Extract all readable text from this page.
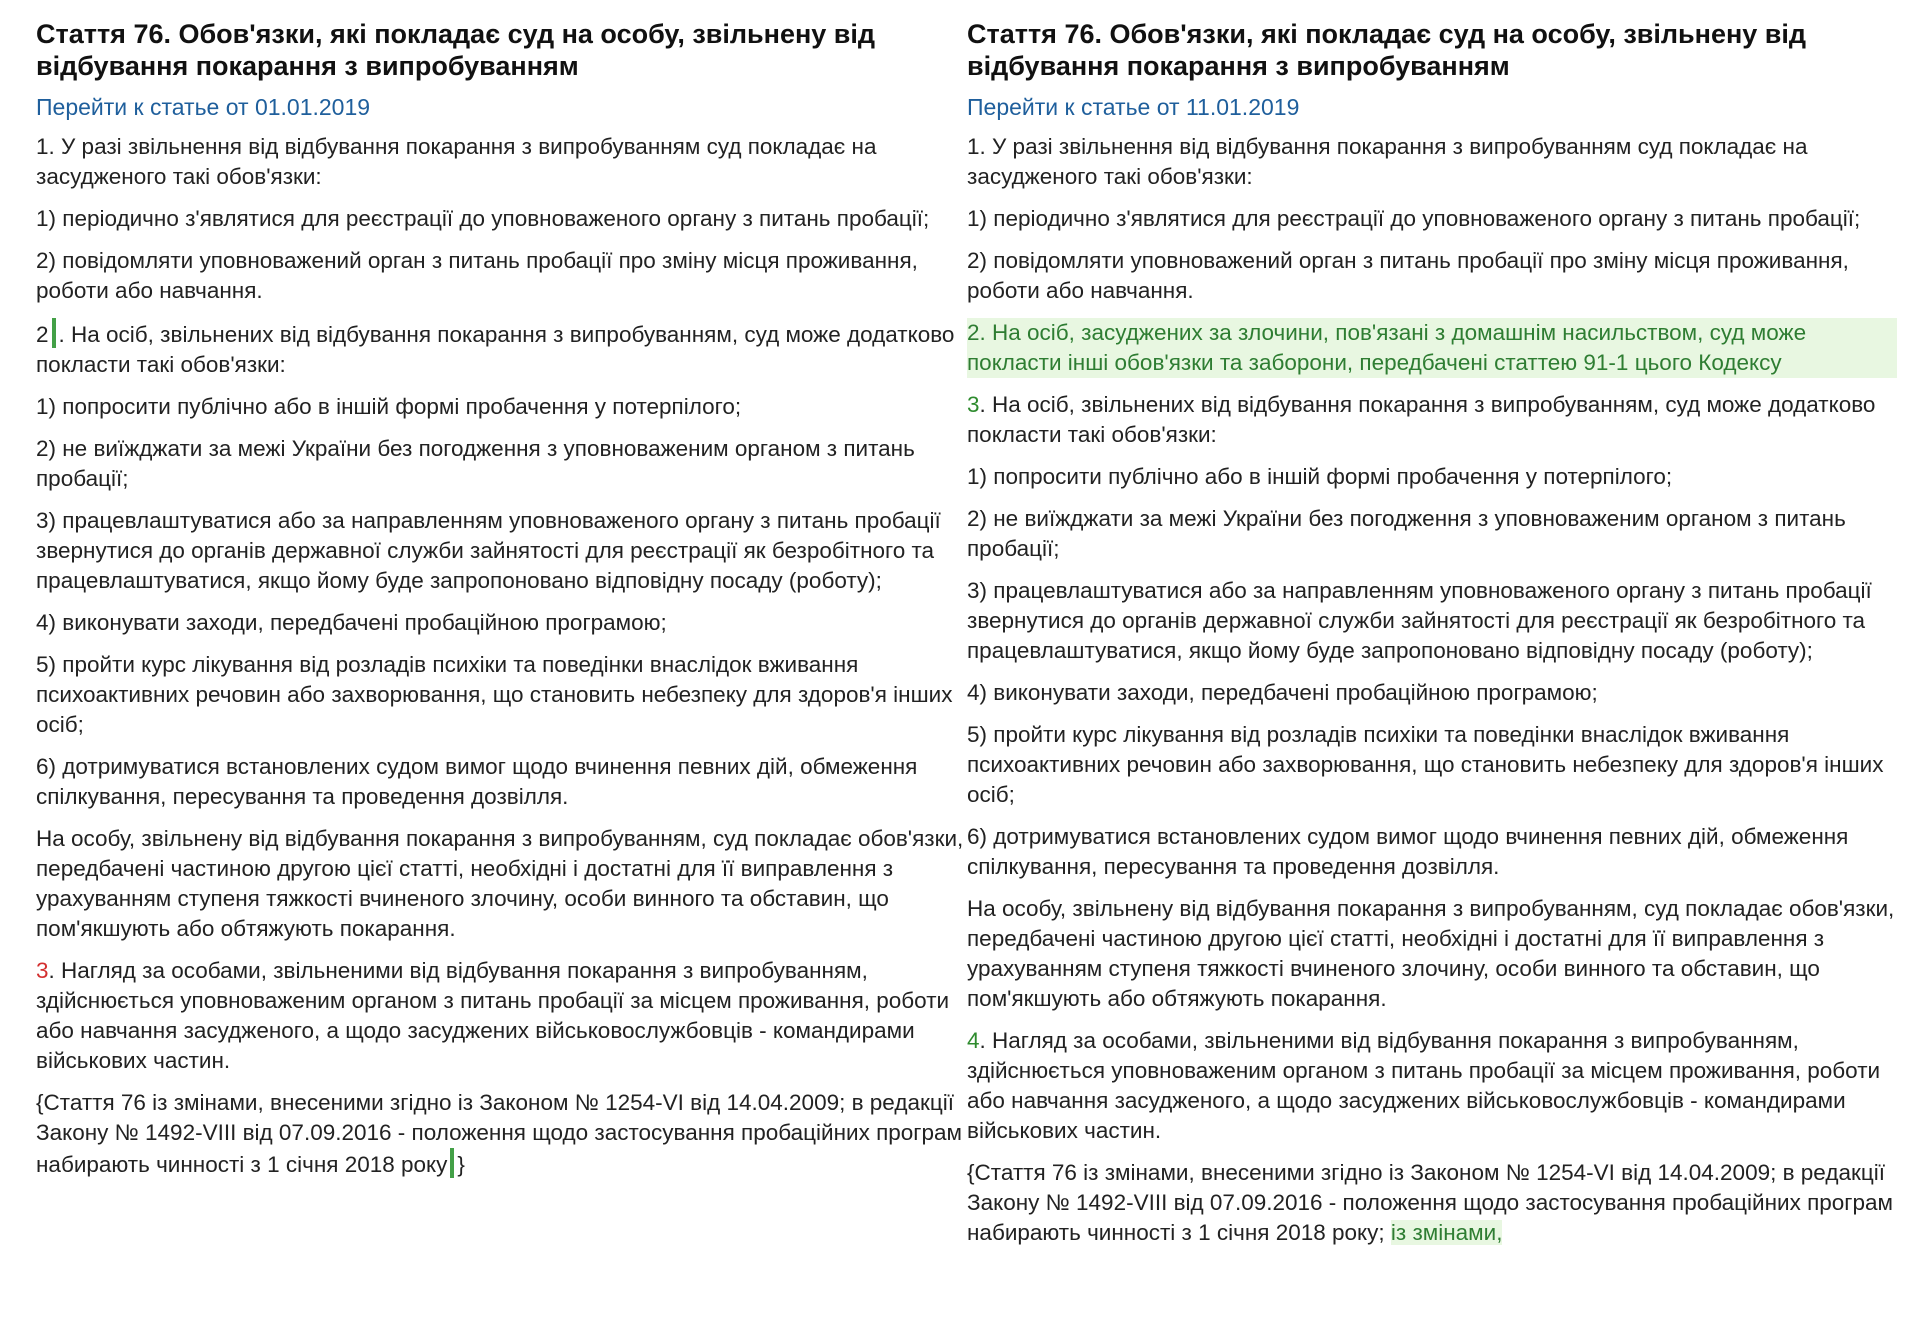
Стаття 76. Обов'язки, які покладає суд на особу, звільнену від відбування покарання з випробуванням
Перейти к статье от 01.01.2019

1. У разі звільнення від відбування покарання з випробуванням суд покладає на засудженого такі обов'язки:

1) періодично з'являтися для реєстрації до уповноваженого органу з питань пробації;

2) повідомляти уповноважений орган з питань пробації про зміну місця проживання, роботи або навчання.

2 . На осіб, звільнених від відбування покарання з випробуванням, суд може додатково покласти такі обов'язки:

1) попросити публічно або в іншій формі пробачення у потерпілого;

2) не виїжджати за межі України без погодження з уповноваженим органом з питань пробації;

3) працевлаштуватися або за направленням уповноваженого органу з питань пробації звернутися до органів державної служби зайнятості для реєстрації як безробітного та працевлаштуватися, якщо йому буде запропоновано відповідну посаду (роботу);

4) виконувати заходи, передбачені пробаційною програмою;

5) пройти курс лікування від розладів психіки та поведінки внаслідок вживання психоактивних речовин або захворювання, що становить небезпеку для здоров'я інших осіб;

6) дотримуватися встановлених судом вимог щодо вчинення певних дій, обмеження спілкування, пересування та проведення дозвілля.

На особу, звільнену від відбування покарання з випробуванням, суд покладає обов'язки, передбачені частиною другою цієї статті, необхідні і достатні для її виправлення з урахуванням ступеня тяжкості вчиненого злочину, особи винного та обставин, що пом'якшують або обтяжують покарання.

3. Нагляд за особами, звільненими від відбування покарання з випробуванням, здійснюється уповноваженим органом з питань пробації за місцем проживання, роботи або навчання засудженого, а щодо засуджених військовослужбовців - командирами військових частин.

{Стаття 76 із змінами, внесеними згідно із Законом № 1254-VI від 14.04.2009; в редакції Закону № 1492-VIII від 07.09.2016 - положення щодо застосування пробаційних програм набирають чинності з 1 січня 2018 року }

Стаття 76. Обов'язки, які покладає суд на особу, звільнену від відбування покарання з випробуванням
Перейти к статье от 11.01.2019

1. У разі звільнення від відбування покарання з випробуванням суд покладає на засудженого такі обов'язки:

1) періодично з'являтися для реєстрації до уповноваженого органу з питань пробації;

2) повідомляти уповноважений орган з питань пробації про зміну місця проживання, роботи або навчання.

2. На осіб, засуджених за злочини, пов'язані з домашнім насильством, суд може покласти інші обов'язки та заборони, передбачені статтею 91-1 цього Кодексу

3. На осіб, звільнених від відбування покарання з випробуванням, суд може додатково покласти такі обов'язки:

1) попросити публічно або в іншій формі пробачення у потерпілого;

2) не виїжджати за межі України без погодження з уповноваженим органом з питань пробації;

3) працевлаштуватися або за направленням уповноваженого органу з питань пробації звернутися до органів державної служби зайнятості для реєстрації як безробітного та працевлаштуватися, якщо йому буде запропоновано відповідну посаду (роботу);

4) виконувати заходи, передбачені пробаційною програмою;

5) пройти курс лікування від розладів психіки та поведінки внаслідок вживання психоактивних речовин або захворювання, що становить небезпеку для здоров'я інших осіб;

6) дотримуватися встановлених судом вимог щодо вчинення певних дій, обмеження спілкування, пересування та проведення дозвілля.

На особу, звільнену від відбування покарання з випробуванням, суд покладає обов'язки, передбачені частиною другою цієї статті, необхідні і достатні для її виправлення з урахуванням ступеня тяжкості вчиненого злочину, особи винного та обставин, що пом'якшують або обтяжують покарання.

4. Нагляд за особами, звільненими від відбування покарання з випробуванням, здійснюється уповноваженим органом з питань пробації за місцем проживання, роботи або навчання засудженого, а щодо засуджених військовослужбовців - командирами військових частин.

{Стаття 76 із змінами, внесеними згідно із Законом № 1254-VI від 14.04.2009; в редакції Закону № 1492-VIII від 07.09.2016 - положення щодо застосування пробаційних програм набирають чинності з 1 січня 2018 року; із змінами,
